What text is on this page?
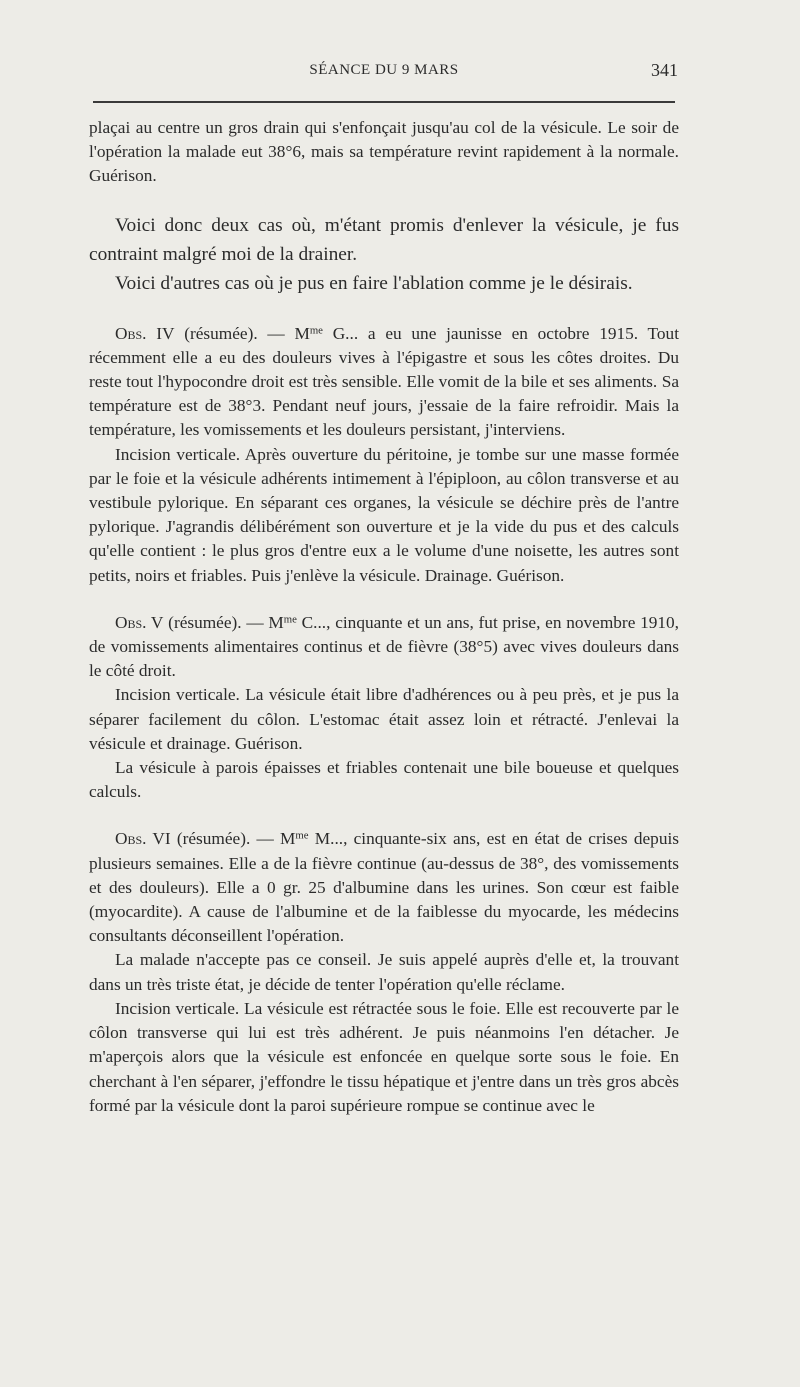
SÉANCE DU 9 MARS	341

plaçai au centre un gros drain qui s'enfonçait jusqu'au col de la vésicule. Le soir de l'opération la malade eut 38°6, mais sa température revint rapidement à la normale. Guérison.

Voici donc deux cas où, m'étant promis d'enlever la vésicule, je fus contraint malgré moi de la drainer.

Voici d'autres cas où je pus en faire l'ablation comme je le désirais.

Obs. IV (résumée). — $M^{me}$ G... a eu une jaunisse en octobre 1915. Tout récemment elle a eu des douleurs vives à l'épigastre et sous les côtes droites. Du reste tout l'hypocondre droit est très sensible. Elle vomit de la bile et ses aliments. Sa température est de 38°3. Pendant neuf jours, j'essaie de la faire refroidir. Mais la température, les vomissements et les douleurs persistant, j'interviens.

Incision verticale. Après ouverture du péritoine, je tombe sur une masse formée par le foie et la vésicule adhérents intimement à l'épiploon, au côlon transverse et au vestibule pylorique. En séparant ces organes, la vésicule se déchire près de l'antre pylorique. J'agrandis délibérément son ouverture et je la vide du pus et des calculs qu'elle contient : le plus gros d'entre eux a le volume d'une noisette, les autres sont petits, noirs et friables. Puis j'enlève la vésicule. Drainage. Guérison.

Obs. V (résumée). — $M^{me}$ C..., cinquante et un ans, fut prise, en novembre 1910, de vomissements alimentaires continus et de fièvre (38°5) avec vives douleurs dans le côté droit.

Incision verticale. La vésicule était libre d'adhérences ou à peu près, et je pus la séparer facilement du côlon. L'estomac était assez loin et rétracté. J'enlevai la vésicule et drainage. Guérison.

La vésicule à parois épaisses et friables contenait une bile boueuse et quelques calculs.

Obs. VI (résumée). — $M^{me}$ M..., cinquante-six ans, est en état de crises depuis plusieurs semaines. Elle a de la fièvre continue (au-dessus de 38°, des vomissements et des douleurs). Elle a 0 gr. 25 d'albumine dans les urines. Son cœur est faible (myocardite). A cause de l'albumine et de la faiblesse du myocarde, les médecins consultants déconseillent l'opération.

La malade n'accepte pas ce conseil. Je suis appelé auprès d'elle et, la trouvant dans un très triste état, je décide de tenter l'opération qu'elle réclame.

Incision verticale. La vésicule est rétractée sous le foie. Elle est recouverte par le côlon transverse qui lui est très adhérent. Je puis néanmoins l'en détacher. Je m'aperçois alors que la vésicule est enfoncée en quelque sorte sous le foie. En cherchant à l'en séparer, j'effondre le tissu hépatique et j'entre dans un très gros abcès formé par la vésicule dont la paroi supérieure rompue se continue avec le
